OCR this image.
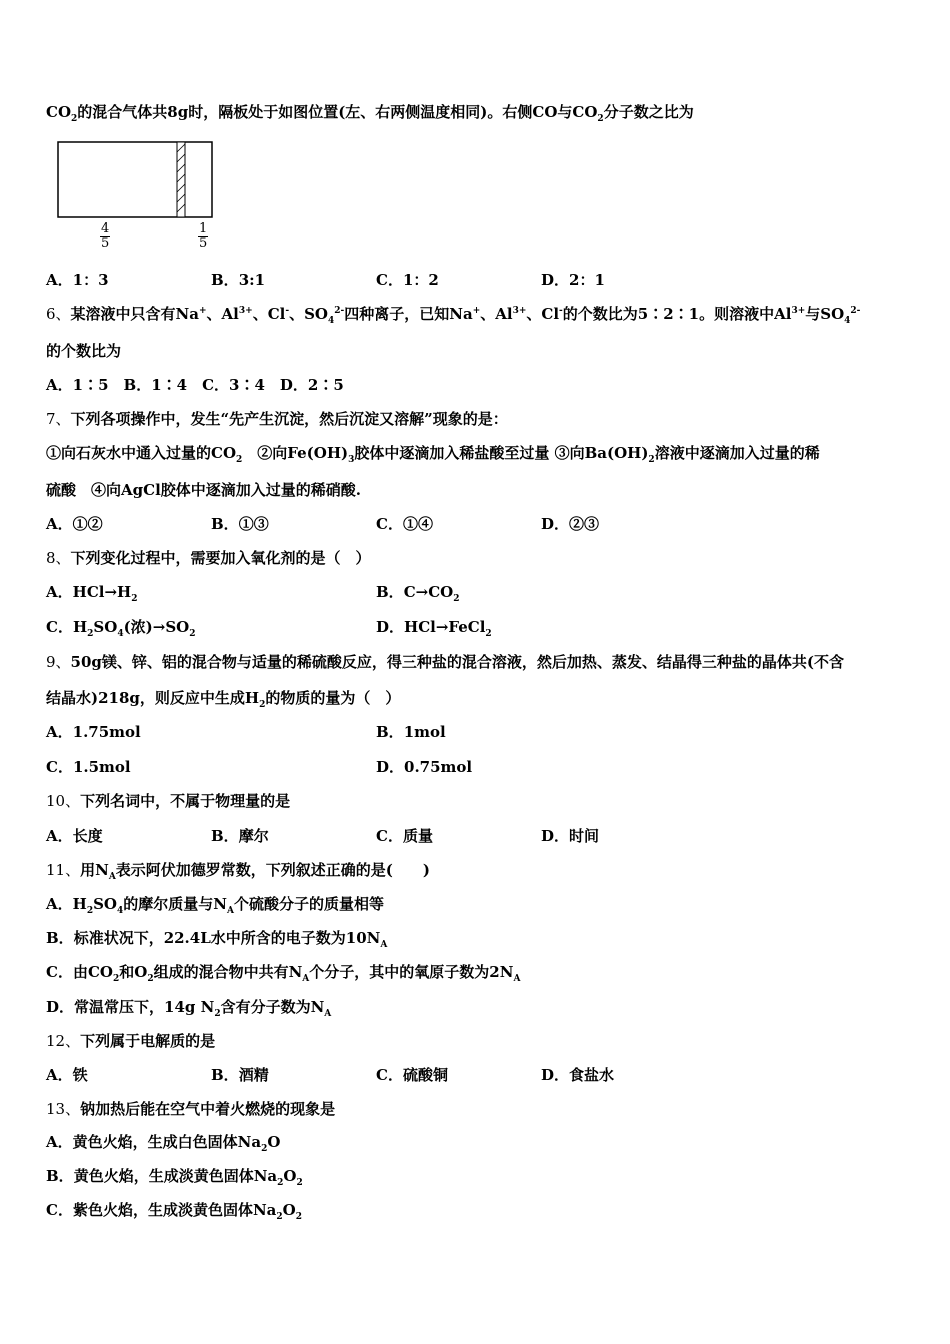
$CO_2$的混合气体共8g时，隔板处于如图位置(左、右两侧温度相同)。右侧CO与$CO_2$分子数之比为
$\frac{4}{5}$	$\frac{1}{5}$
A．1：3	B．3:1	C．1：2	D．2：1
6、某溶液中只含有Na+、$Al^{3+}$、Cl-、$SO_4^{2-}$四种离子，已知Na+、$Al^{3+}$、Cl-的个数比为5∶2∶1。则溶液中$Al^{3+}$与$SO_4^{2-}$
的个数比为
A．1∶5　B．1∶4　C．3∶4　D．2∶5
7、下列各项操作中，发生“先产生沉淀，然后沉淀又溶解”现象的是：
①向石灰水中通入过量的$CO_2$　②向$Fe(OH)_3$胶体中逐滴加入稀盐酸至过量 ③向$Ba(OH)_2$溶液中逐滴加入过量的稀
硫酸　④向AgCl胶体中逐滴加入过量的稀硝酸.
A．①②	B．①③	C．①④	D．②③
8、下列变化过程中，需要加入氧化剂的是（　）
A．$HCl\to H_2$	B．$C\to CO_2$
C．$H_2SO_4$(浓)$\to SO_2$	D．HCl→FeCl$_2$
9、50g镁、锌、铝的混合物与适量的稀硫酸反应，得三种盐的混合溶液，然后加热、蒸发、结晶得三种盐的晶体共(不含
结晶水)218g，则反应中生成$H_2$的物质的量为（　）
A．1.75mol	B．1mol
C．1.5mol	D．0.75mol
10、下列名词中，不属于物理量的是
A．长度	B．摩尔	C．质量	D．时间
11、用$N_A$表示阿伏加德罗常数，下列叙述正确的是(　　)
A．$H_2SO_4$的摩尔质量与$N_A$个硫酸分子的质量相等
B．标准状况下，22.4L水中所含的电子数为$10N_A$
C．由$CO_2$和$O_2$组成的混合物中共有$N_A$个分子，其中的氧原子数为$2N_A$
D．常温常压下，14g $N_2$含有分子数为$N_A$
12、下列属于电解质的是
A．铁	B．酒精	C．硫酸铜	D．食盐水
13、钠加热后能在空气中着火燃烧的现象是
A．黄色火焰，生成白色固体$Na_2O$
B．黄色火焰，生成淡黄色固体$Na_2O_2$
C．紫色火焰，生成淡黄色固体$Na_2O_2$
